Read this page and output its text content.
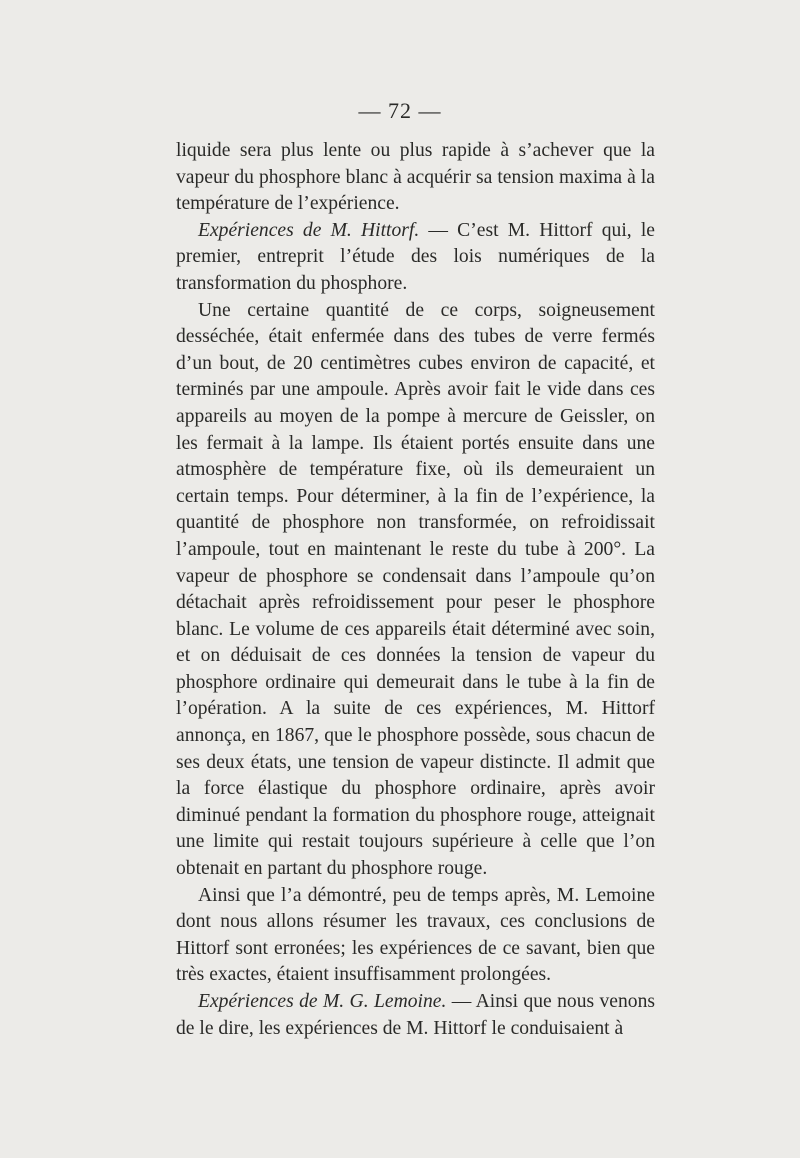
— 72 —

liquide sera plus lente ou plus rapide à s’achever que la vapeur du phosphore blanc à acquérir sa tension maxima à la température de l’expérience.

Expériences de M. Hittorf. — C’est M. Hittorf qui, le premier, entreprit l’étude des lois numériques de la transformation du phosphore.

Une certaine quantité de ce corps, soigneusement desséchée, était enfermée dans des tubes de verre fermés d’un bout, de 20 centimètres cubes environ de capacité, et terminés par une ampoule. Après avoir fait le vide dans ces appareils au moyen de la pompe à mercure de Geissler, on les fermait à la lampe. Ils étaient portés ensuite dans une atmosphère de température fixe, où ils demeuraient un certain temps. Pour déterminer, à la fin de l’expérience, la quantité de phosphore non transformée, on refroidissait l’ampoule, tout en maintenant le reste du tube à 200°. La vapeur de phosphore se condensait dans l’ampoule qu’on détachait après refroidissement pour peser le phosphore blanc. Le volume de ces appareils était déterminé avec soin, et on déduisait de ces données la tension de vapeur du phosphore ordinaire qui demeurait dans le tube à la fin de l’opération. A la suite de ces expériences, M. Hittorf annonça, en 1867, que le phosphore possède, sous chacun de ses deux états, une tension de vapeur distincte. Il admit que la force élastique du phosphore ordinaire, après avoir diminué pendant la formation du phosphore rouge, atteignait une limite qui restait toujours supérieure à celle que l’on obtenait en partant du phosphore rouge.

Ainsi que l’a démontré, peu de temps après, M. Lemoine dont nous allons résumer les travaux, ces conclusions de Hittorf sont erronées; les expériences de ce savant, bien que très exactes, étaient insuffisamment prolongées.

Expériences de M. G. Lemoine. — Ainsi que nous venons de le dire, les expériences de M. Hittorf le conduisaient à
